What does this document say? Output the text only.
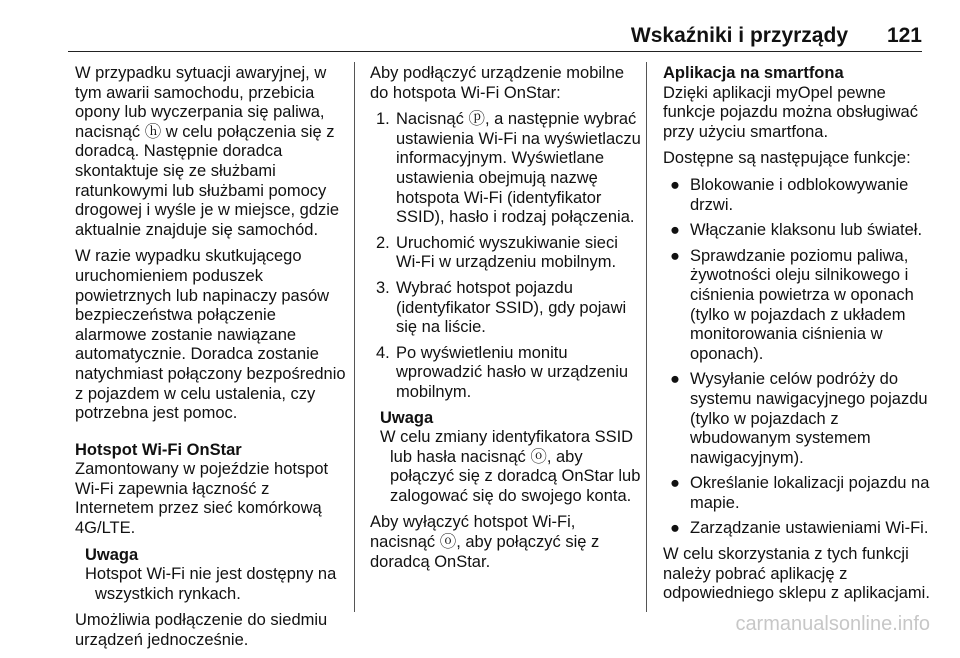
Wskaźniki i przyrządy 121

W przypadku sytuacji awaryjnej, w tym awarii samochodu, przebicia opony lub wyczerpania się paliwa, nacisnąć ⓗ w celu połączenia się z doradcą. Następnie doradca skontaktuje się ze służbami ratunkowymi lub służbami pomocy drogowej i wyśle je w miejsce, gdzie aktualnie znajduje się samochód.

W razie wypadku skutkującego uruchomieniem poduszek powietrznych lub napinaczy pasów bezpieczeństwa połączenie alarmowe zostanie nawiązane automatycznie. Doradca zostanie natychmiast połączony bezpośrednio z pojazdem w celu ustalenia, czy potrzebna jest pomoc.

Hotspot Wi-Fi OnStar

Zamontowany w pojeździe hotspot Wi-Fi zapewnia łączność z Internetem przez sieć komórkową 4G/LTE.

Uwaga
Hotspot Wi-Fi nie jest dostępny na wszystkich rynkach.

Umożliwia podłączenie do siedmiu urządzeń jednocześnie.

Aby podłączyć urządzenie mobilne do hotspota Wi-Fi OnStar:

1. Nacisnąć ⓟ, a następnie wybrać ustawienia Wi-Fi na wyświetlaczu informacyjnym. Wyświetlane ustawienia obejmują nazwę hotspota Wi-Fi (identyfikator SSID), hasło i rodzaj połączenia.
2. Uruchomić wyszukiwanie sieci Wi-Fi w urządzeniu mobilnym.
3. Wybrać hotspot pojazdu (identyfikator SSID), gdy pojawi się na liście.
4. Po wyświetleniu monitu wprowadzić hasło w urządzeniu mobilnym.
Uwaga
W celu zmiany identyfikatora SSID lub hasła nacisnąć ⓞ, aby połączyć się z doradcą OnStar lub zalogować się do swojego konta.

Aby wyłączyć hotspot Wi-Fi, nacisnąć ⓞ, aby połączyć się z doradcą OnStar.

Aplikacja na smartfona

Dzięki aplikacji myOpel pewne funkcje pojazdu można obsługiwać przy użyciu smartfona.

Dostępne są następujące funkcje:

● Blokowanie i odblokowywanie drzwi.
● Włączanie klaksonu lub świateł.
● Sprawdzanie poziomu paliwa, żywotności oleju silnikowego i ciśnienia powietrza w oponach (tylko w pojazdach z układem monitorowania ciśnienia w oponach).
● Wysyłanie celów podróży do systemu nawigacyjnego pojazdu (tylko w pojazdach z wbudowanym systemem nawigacyjnym).
● Określanie lokalizacji pojazdu na mapie.
● Zarządzanie ustawieniami Wi-Fi.

W celu skorzystania z tych funkcji należy pobrać aplikację z odpowiedniego sklepu z aplikacjami.

carmanualsonline.info
